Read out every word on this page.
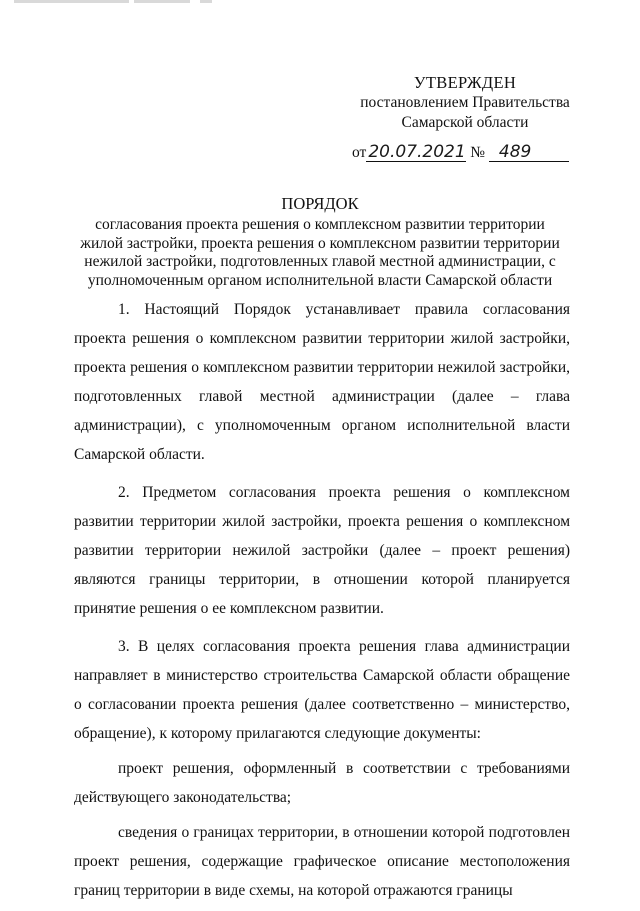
УТВЕРЖДЕН
постановлением Правительства
Самарской области
от 20.07.2021 № 489
ПОРЯДОК
согласования проекта решения о комплексном развитии территории жилой застройки, проекта решения о комплексном развитии территории нежилой застройки, подготовленных главой местной администрации, с уполномоченным органом исполнительной власти Самарской области

1. Настоящий Порядок устанавливает правила согласования проекта решения о комплексном развитии территории жилой застройки, проекта решения о комплексном развитии территории нежилой застройки, подготовленных главой местной администрации (далее – глава администрации), с уполномоченным органом исполнительной власти Самарской области.

2. Предметом согласования проекта решения о комплексном развитии территории жилой застройки, проекта решения о комплексном развитии территории нежилой застройки (далее – проект решения) являются границы территории, в отношении которой планируется принятие решения о ее комплексном развитии.

3. В целях согласования проекта решения глава администрации направляет в министерство строительства Самарской области обращение о согласовании проекта решения (далее соответственно – министерство, обращение), к которому прилагаются следующие документы:

проект решения, оформленный в соответствии с требованиями действующего законодательства;

сведения о границах территории, в отношении которой подготовлен проект решения, содержащие графическое описание местоположения границ территории в виде схемы, на которой отражаются границы
